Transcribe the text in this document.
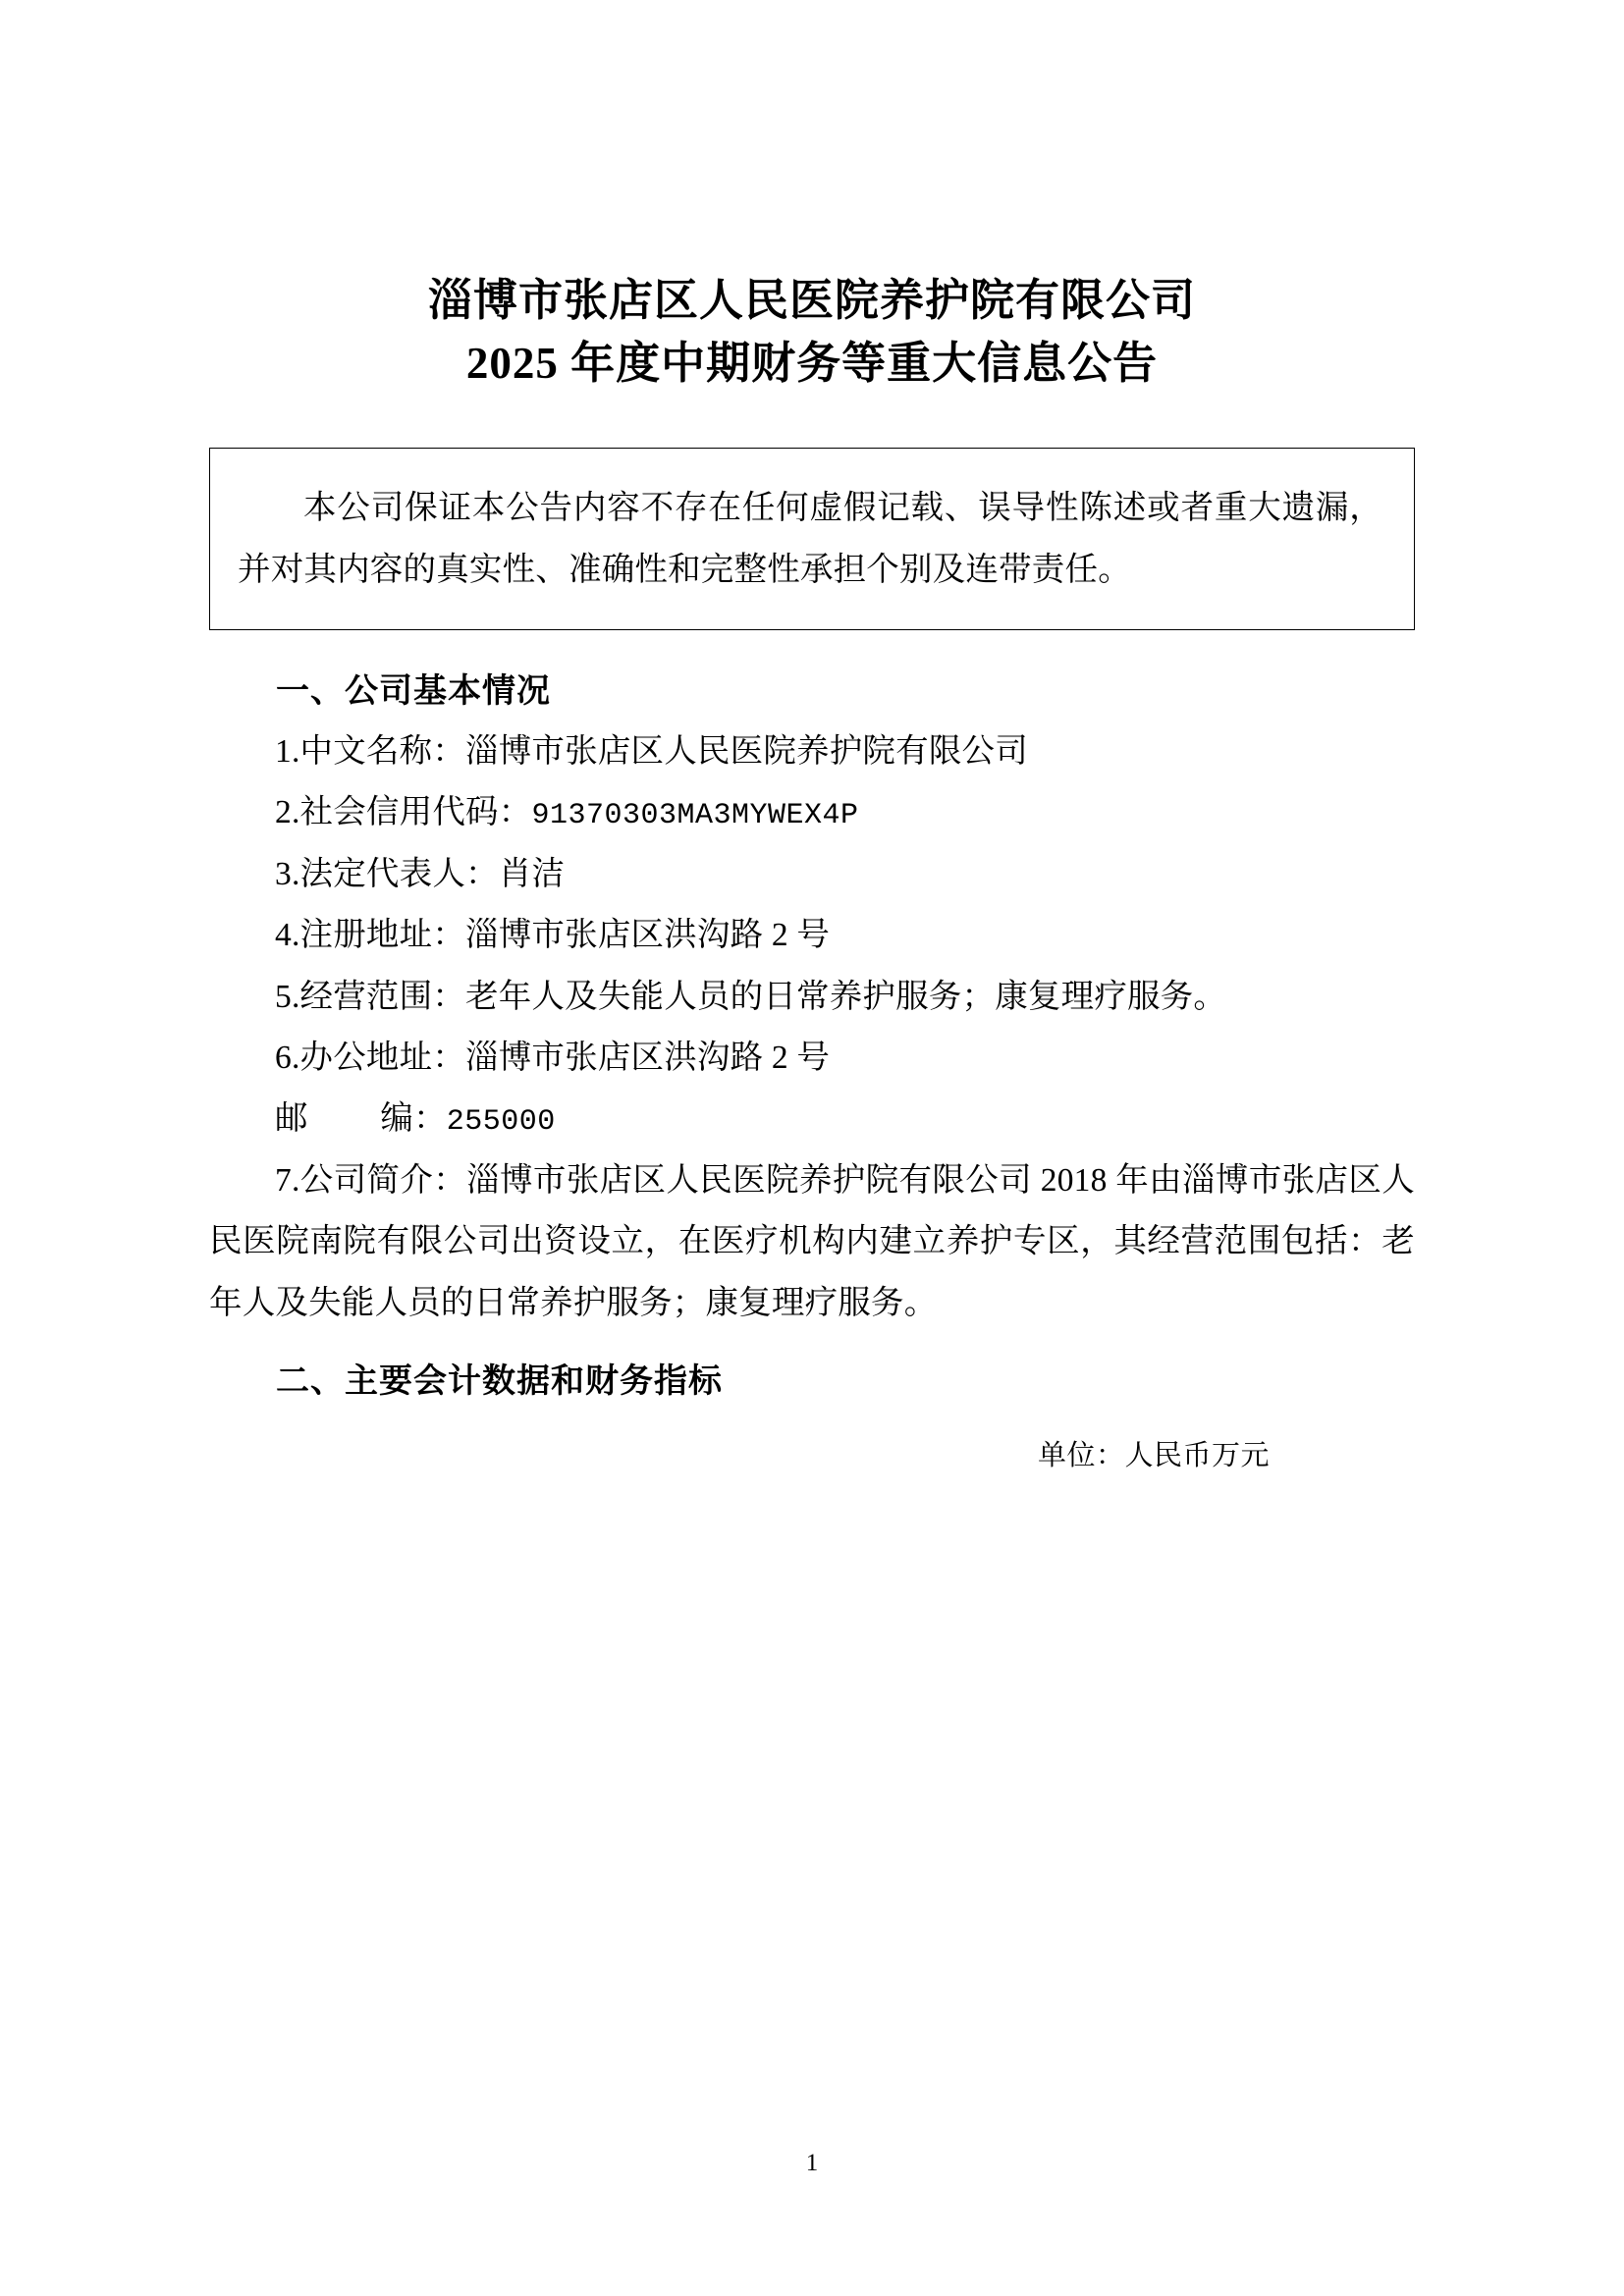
淄博市张店区人民医院养护院有限公司
2025 年度中期财务等重大信息公告
本公司保证本公告内容不存在任何虚假记载、误导性陈述或者重大遗漏，并对其内容的真实性、准确性和完整性承担个别及连带责任。
一、公司基本情况
1.中文名称：淄博市张店区人民医院养护院有限公司
2.社会信用代码：91370303MA3MYWEX4P
3.法定代表人：肖洁
4.注册地址：淄博市张店区洪沟路 2 号
5.经营范围：老年人及失能人员的日常养护服务；康复理疗服务。
6.办公地址：淄博市张店区洪沟路 2 号
邮 编：255000
7.公司简介：淄博市张店区人民医院养护院有限公司 2018 年由淄博市张店区人民医院南院有限公司出资设立，在医疗机构内建立养护专区，其经营范围包括：老年人及失能人员的日常养护服务；康复理疗服务。
二、主要会计数据和财务指标
单位：人民币万元
1
